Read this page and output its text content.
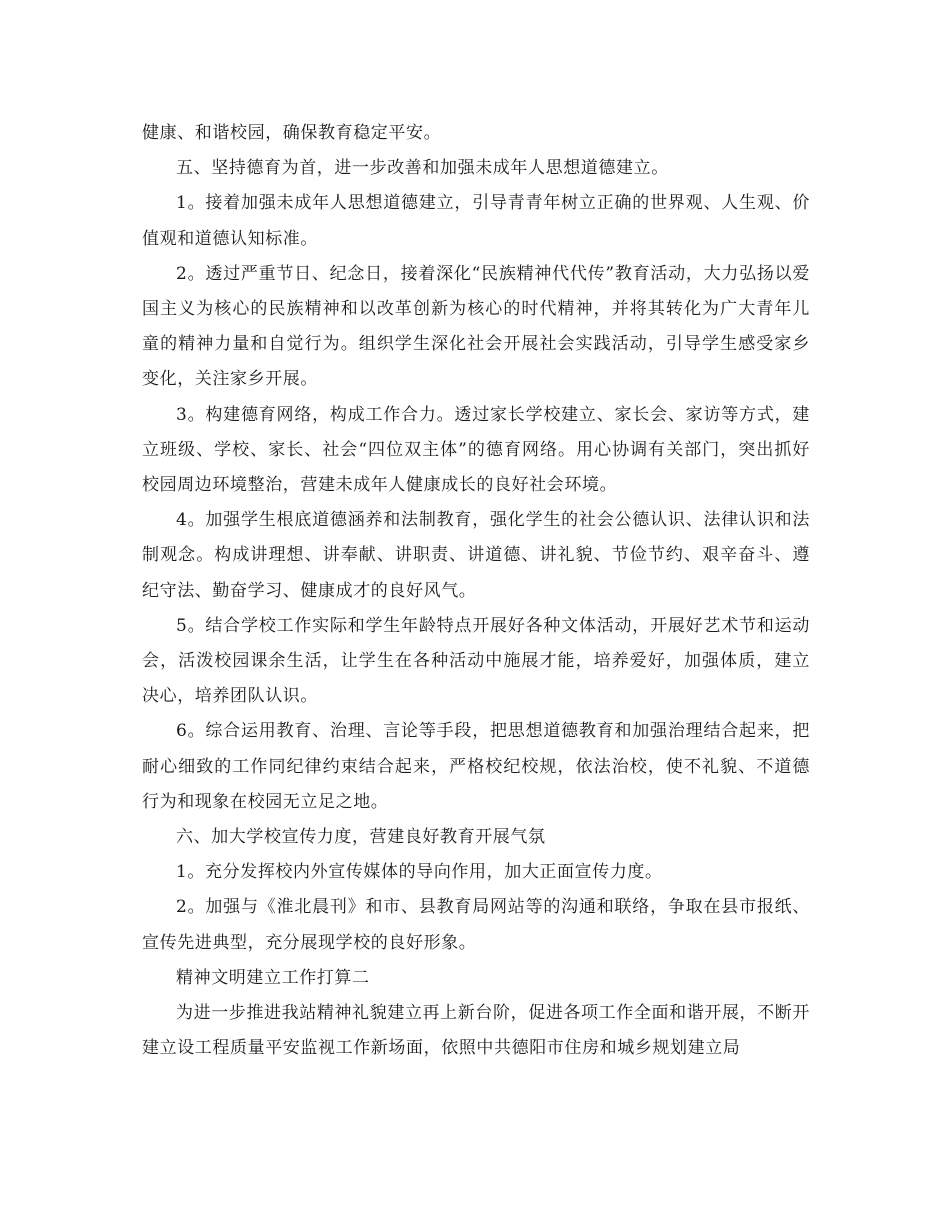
健康、和谐校园，确保教育稳定平安。

五、坚持德育为首，进一步改善和加强未成年人思想道德建立。

1。接着加强未成年人思想道德建立，引导青青年树立正确的世界观、人生观、价值观和道德认知标准。

2。透过严重节日、纪念日，接着深化“民族精神代代传”教育活动，大力弘扬以爱国主义为核心的民族精神和以改革创新为核心的时代精神，并将其转化为广大青年儿童的精神力量和自觉行为。组织学生深化社会开展社会实践活动，引导学生感受家乡变化，关注家乡开展。

3。构建德育网络，构成工作合力。透过家长学校建立、家长会、家访等方式，建立班级、学校、家长、社会“四位双主体”的德育网络。用心协调有关部门，突出抓好校园周边环境整治，营建未成年人健康成长的良好社会环境。

4。加强学生根底道德涵养和法制教育，强化学生的社会公德认识、法律认识和法制观念。构成讲理想、讲奉献、讲职责、讲道德、讲礼貌、节俭节约、艰辛奋斗、遵纪守法、勤奋学习、健康成才的良好风气。

5。结合学校工作实际和学生年龄特点开展好各种文体活动，开展好艺术节和运动会，活泼校园课余生活，让学生在各种活动中施展才能，培养爱好，加强体质，建立决心，培养团队认识。

6。综合运用教育、治理、言论等手段，把思想道德教育和加强治理结合起来，把耐心细致的工作同纪律约束结合起来，严格校纪校规，依法治校，使不礼貌、不道德行为和现象在校园无立足之地。

六、加大学校宣传力度，营建良好教育开展气氛

1。充分发挥校内外宣传媒体的导向作用，加大正面宣传力度。

2。加强与《淮北晨刊》和市、县教育局网站等的沟通和联络，争取在县市报纸、宣传先进典型，充分展现学校的良好形象。

精神文明建立工作打算二

为进一步推进我站精神礼貌建立再上新台阶，促进各项工作全面和谐开展，不断开建立设工程质量平安监视工作新场面，依照中共德阳市住房和城乡规划建立局
